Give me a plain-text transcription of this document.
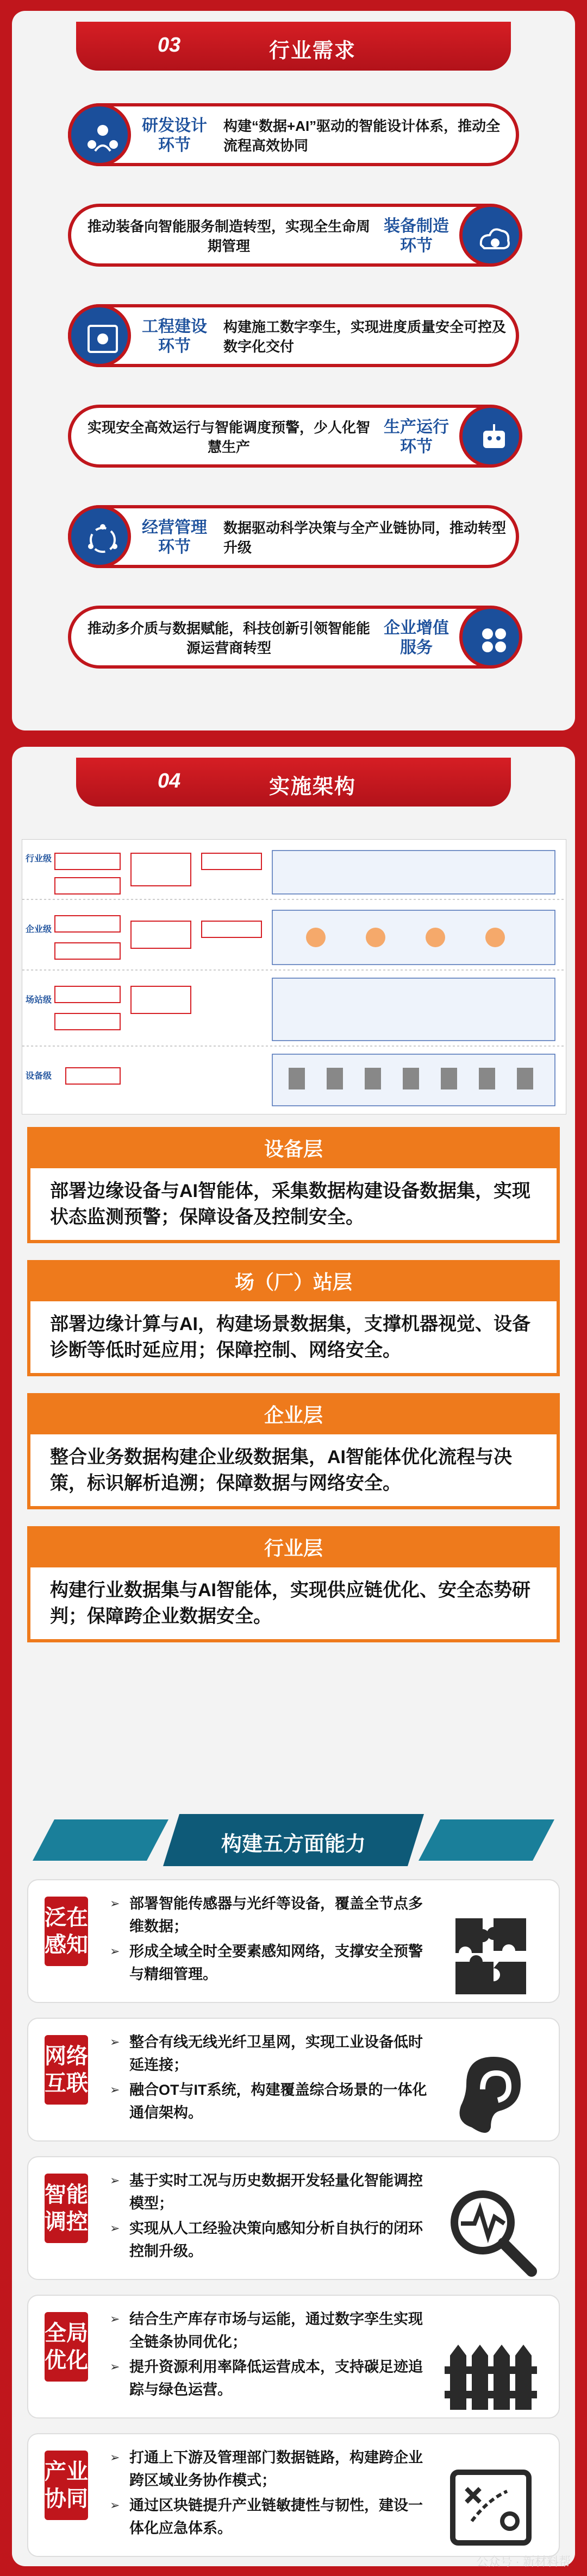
03	行业需求
研发设计
环节
构建“数据+AI”驱动的智能设计体系，推动全流程高效协同
装备制造
环节
推动装备向智能服务制造转型，实现全生命周期管理
工程建设
环节
构建施工数字孪生，实现进度质量安全可控及数字化交付
生产运行
环节
实现安全高效运行与智能调度预警，少人化智慧生产
经营管理
环节
数据驱动科学决策与全产业链协同，推动转型升级
企业增值
服务
推动多介质与数据赋能，科技创新引领智能能源运营商转型
04	实施架构
行业级
企业级
场站级
设备级
设备层
部署边缘设备与AI智能体，采集数据构建设备数据集，实现状态监测预警；保障设备及控制安全。
场（厂）站层
部署边缘计算与AI，构建场景数据集，支撑机器视觉、设备诊断等低时延应用；保障控制、网络安全。
企业层
整合业务数据构建企业级数据集，AI智能体优化流程与决策，标识解析追溯；保障数据与网络安全。
行业层
构建行业数据集与AI智能体，实现供应链优化、安全态势研判；保障跨企业数据安全。
构建五方面能力
泛在
感知
➢ 部署智能传感器与光纤等设备，覆盖全节点多维数据；
➢ 形成全域全时全要素感知网络，支撑安全预警与精细管理。
网络
互联
➢ 整合有线无线光纤卫星网，实现工业设备低时延连接；
➢ 融合OT与IT系统，构建覆盖综合场景的一体化通信架构。
智能
调控
➢ 基于实时工况与历史数据开发轻量化智能调控模型；
➢ 实现从人工经验决策向感知分析自执行的闭环控制升级。
全局
优化
➢ 结合生产库存市场与运能，通过数字孪生实现全链条协同优化；
➢ 提升资源利用率降低运营成本，支持碳足迹追踪与绿色运营。
产业
协同
➢ 打通上下游及管理部门数据链路，构建跨企业跨区域业务协作模式；
➢ 通过区块链提升产业链敏捷性与韧性，建设一体化应急体系。
公众号 · 新材料帮
